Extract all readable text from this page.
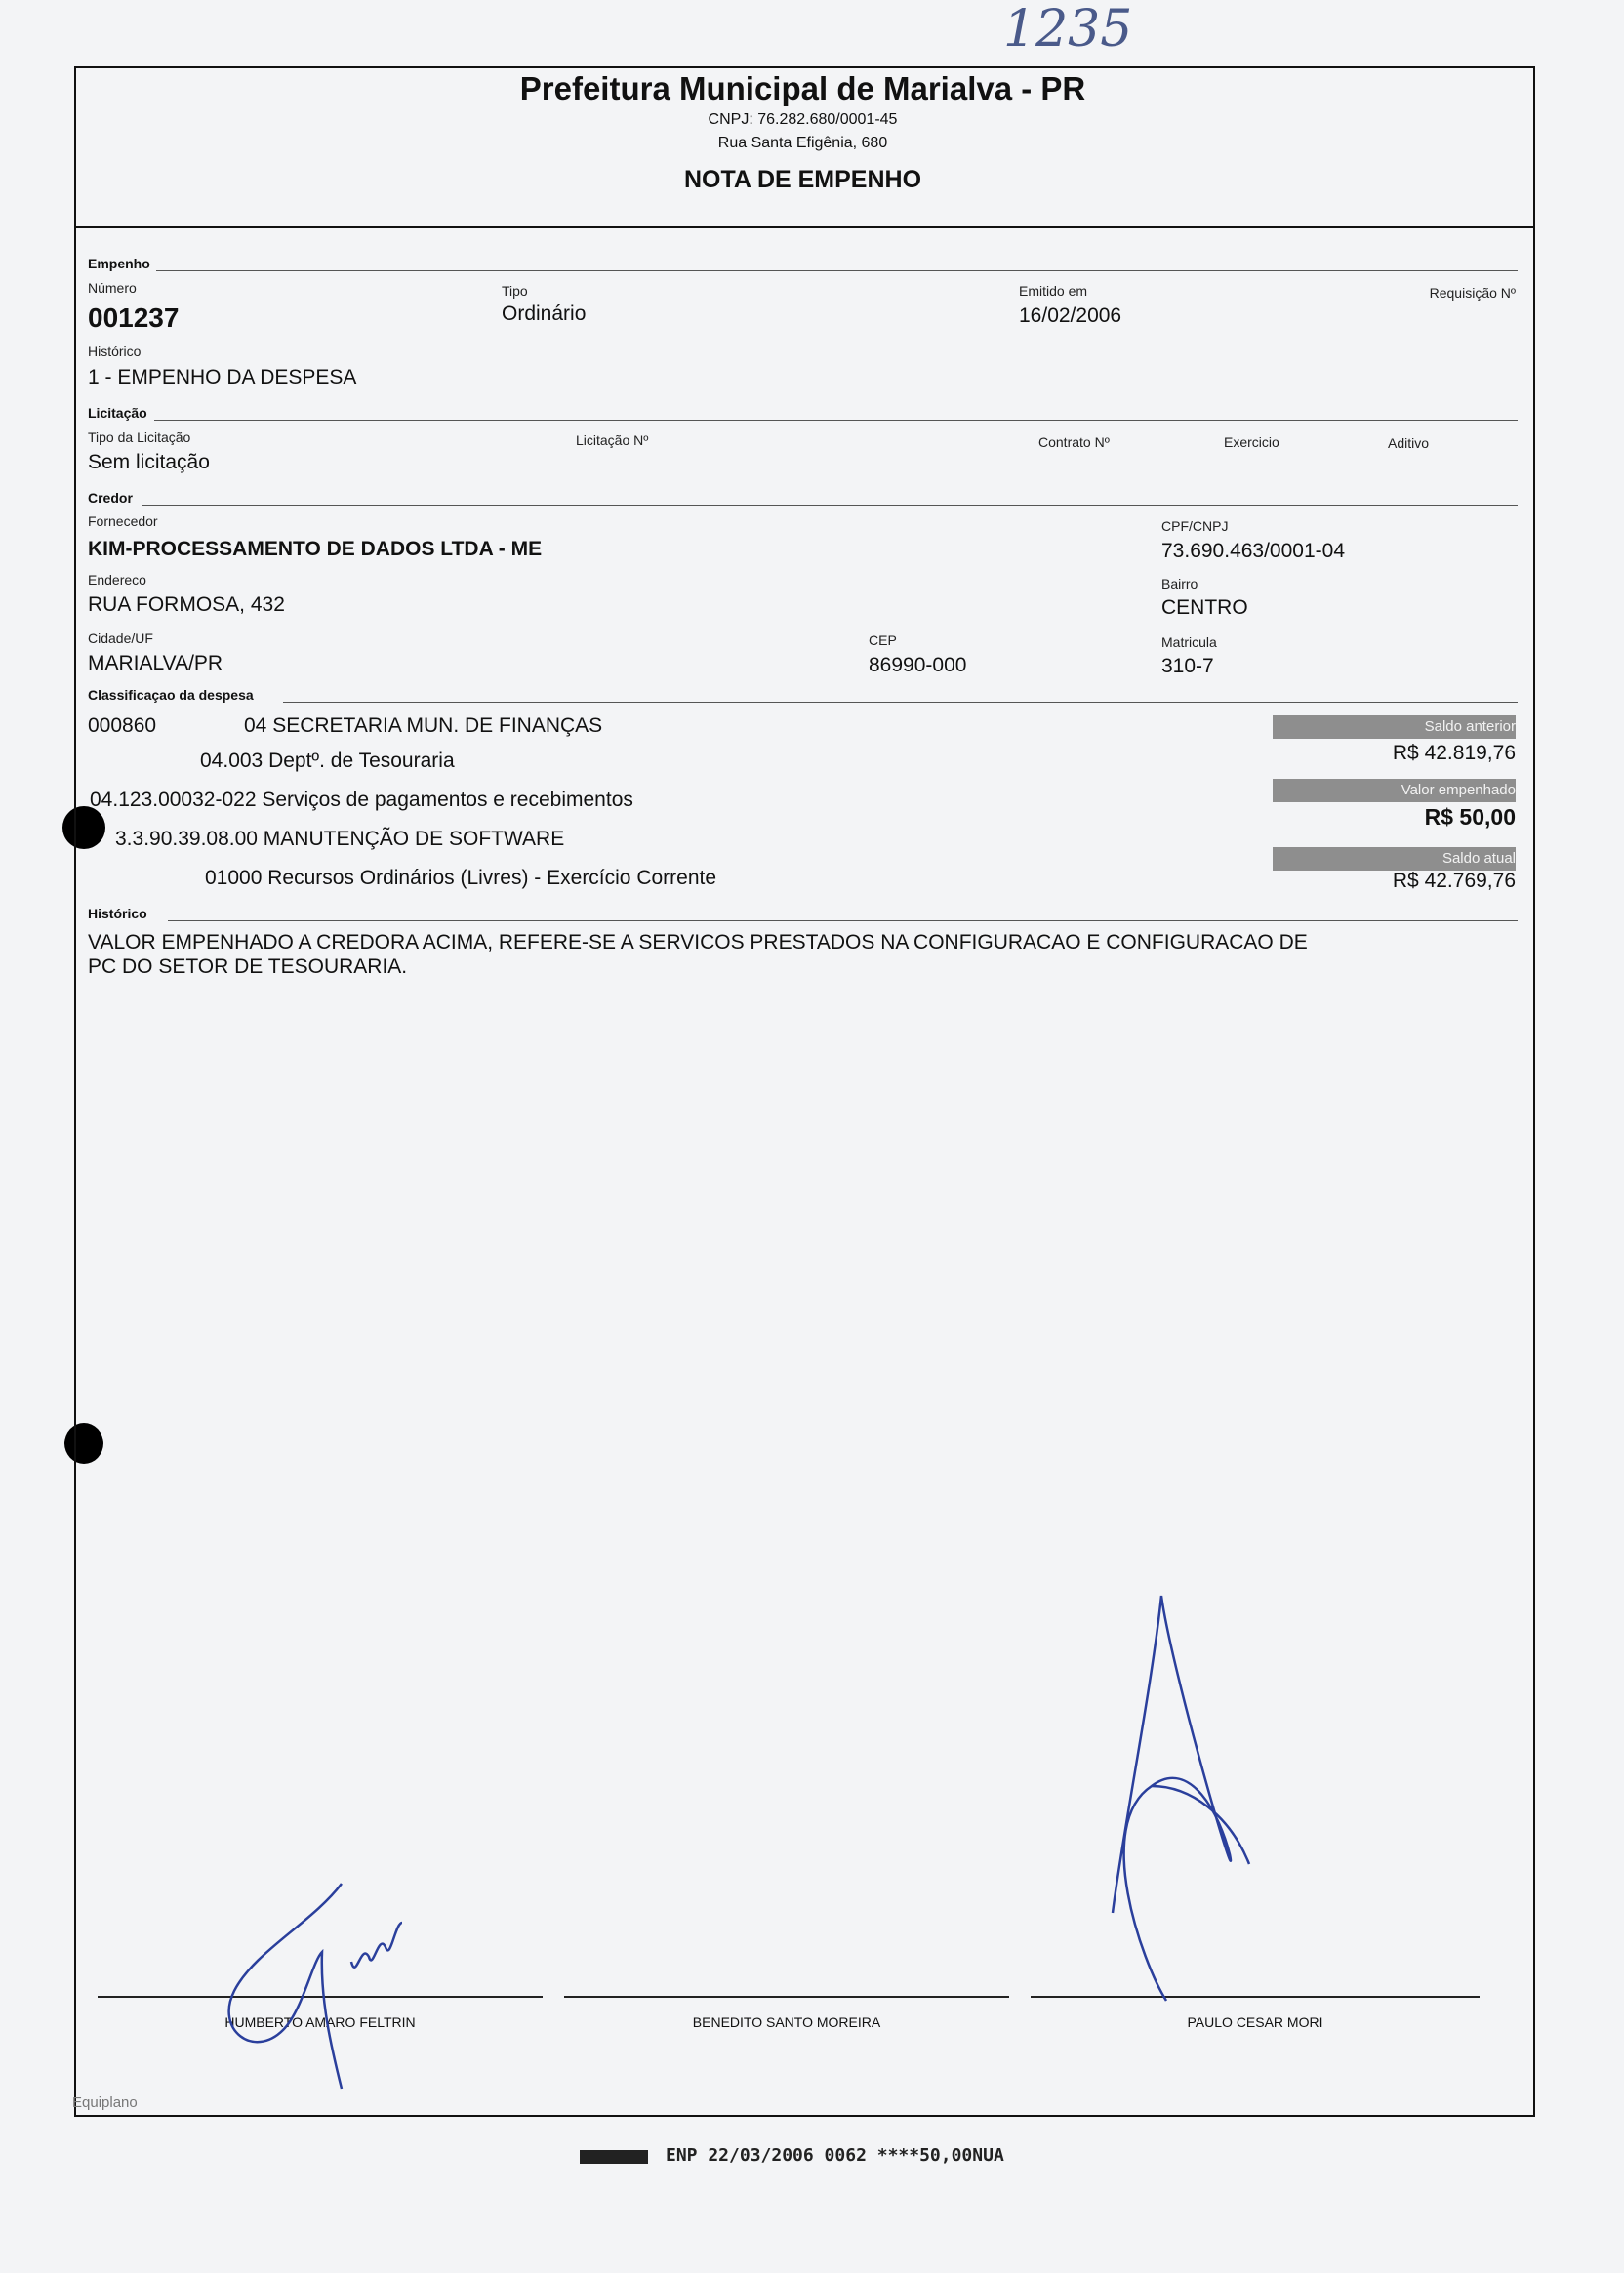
1235
Prefeitura Municipal de Marialva - PR
CNPJ: 76.282.680/0001-45
Rua Santa Efigênia, 680
NOTA DE EMPENHO
Empenho
Número
001237
Tipo
Ordinário
Emitido em
16/02/2006
Requisição Nº
Histórico
1 - EMPENHO DA DESPESA
Licitação
Tipo da Licitação
Sem licitação
Licitação Nº	Contrato Nº	Exercicio	Aditivo
Credor
Fornecedor
KIM-PROCESSAMENTO DE DADOS LTDA - ME
CPF/CNPJ
73.690.463/0001-04
Endereco
RUA FORMOSA, 432
Bairro
CENTRO
Cidade/UF
MARIALVA/PR
CEP
86990-000
Matricula
310-7
Classificaçao da despesa
000860	04 SECRETARIA MUN. DE FINANÇAS
04.003 Deptº. de Tesouraria
04.123.00032-022 Serviços de pagamentos e recebimentos
3.3.90.39.08.00 MANUTENÇÃO DE SOFTWARE
01000 Recursos Ordinários (Livres) - Exercício Corrente
Saldo anterior
R$ 42.819,76
Valor empenhado
R$ 50,00
Saldo atual
R$ 42.769,76
Histórico
VALOR EMPENHADO A CREDORA ACIMA, REFERE-SE A SERVICOS PRESTADOS NA CONFIGURACAO E CONFIGURACAO DE
PC DO SETOR DE TESOURARIA.
HUMBERTO AMARO FELTRIN	BENEDITO SANTO MOREIRA	PAULO CESAR MORI
Equiplano
ENP 22/03/2006 0062 ****50,00NUA
